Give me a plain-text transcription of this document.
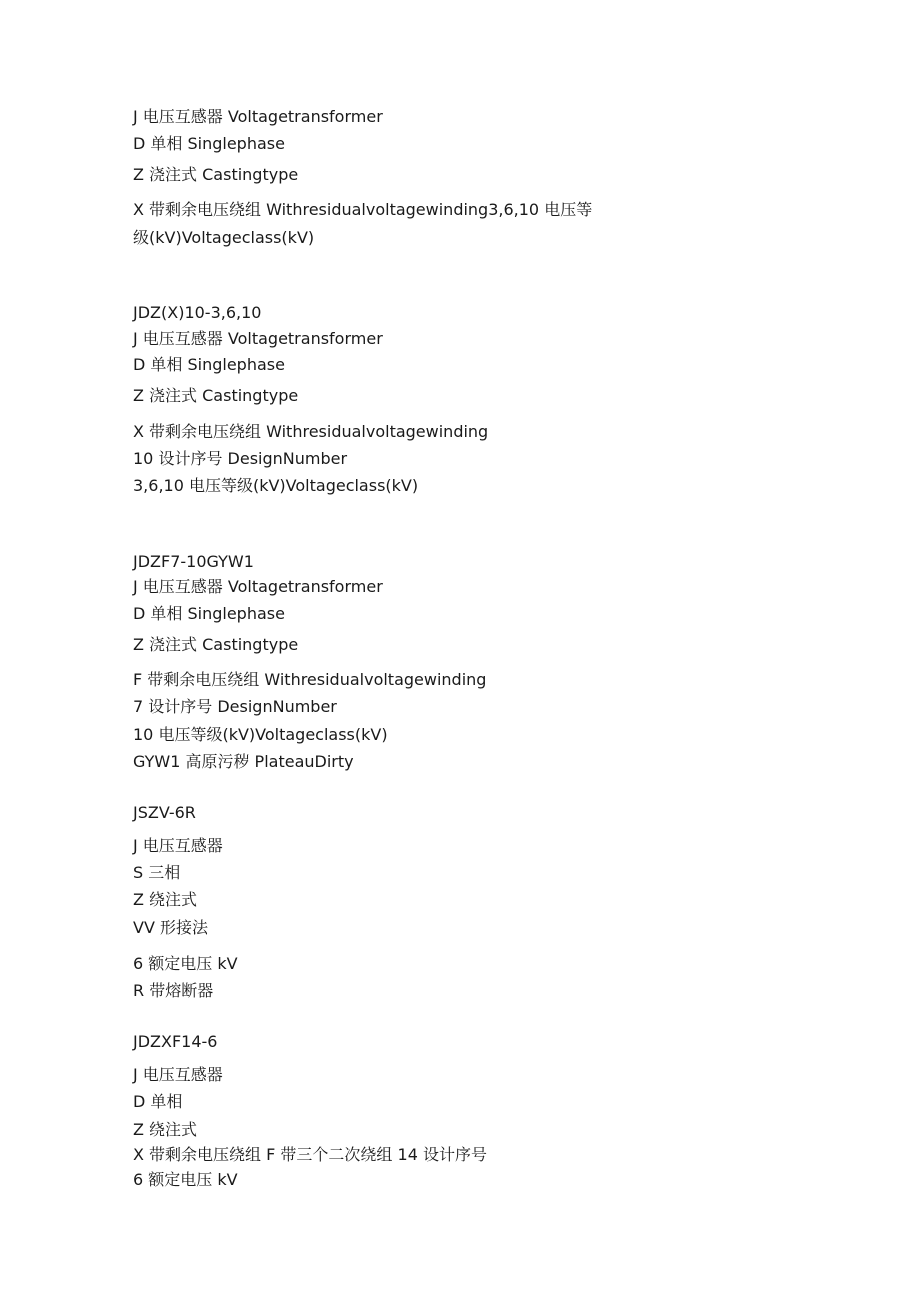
J 电压互感器 Voltagetransformer
D 单相 Singlephase
Z 浇注式 Castingtype
X 带剩余电压绕组 Withresidualvoltagewinding3,6,10 电压等
级(kV)Voltageclass(kV)
JDZ(X)10-3,6,10
J 电压互感器 Voltagetransformer
D 单相 Singlephase
Z 浇注式 Castingtype
X 带剩余电压绕组 Withresidualvoltagewinding
10 设计序号 DesignNumber
3,6,10 电压等级(kV)Voltageclass(kV)
JDZF7-10GYW1
J 电压互感器 Voltagetransformer
D 单相 Singlephase
Z 浇注式 Castingtype
F 带剩余电压绕组 Withresidualvoltagewinding
7 设计序号 DesignNumber
10 电压等级(kV)Voltageclass(kV)
GYW1 高原污秽 PlateauDirty
JSZV-6R
J 电压互感器
S 三相
Z 绕注式
VV 形接法
6 额定电压 kV
R 带熔断器
JDZXF14-6
J 电压互感器
D 单相
Z 绕注式
X 带剩余电压绕组 F 带三个二次绕组 14 设计序号
6 额定电压 kV
